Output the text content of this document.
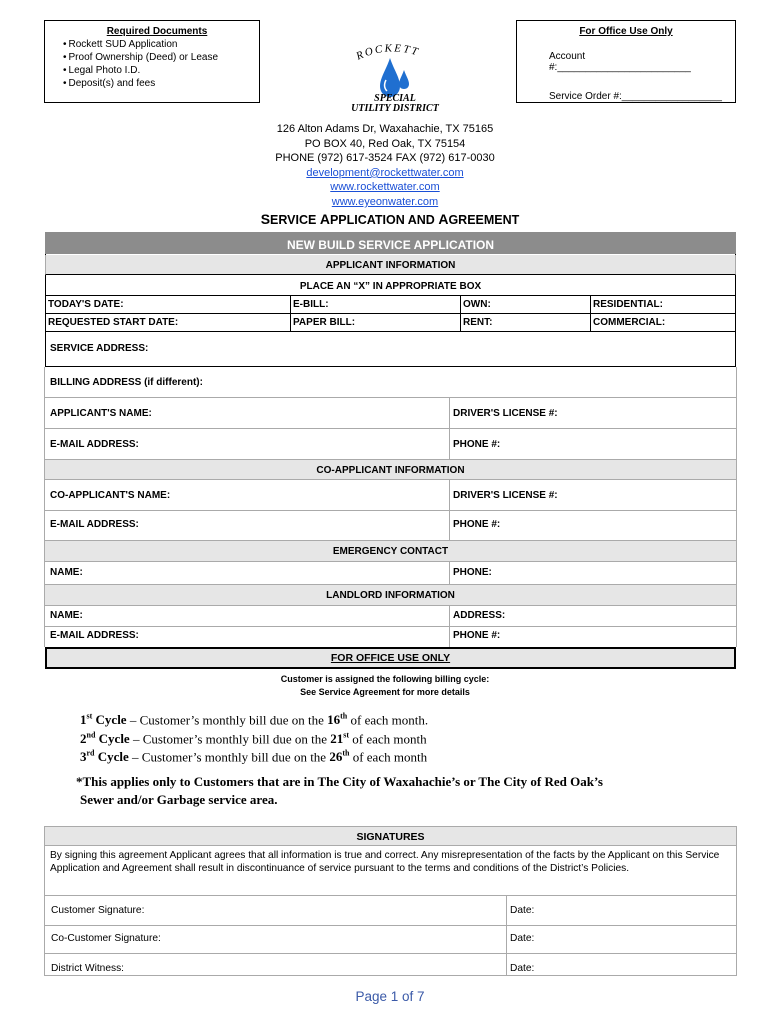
Required Documents
• Rockett SUD Application
• Proof Ownership (Deed) or Lease
• Legal Photo I.D.
• Deposit(s) and fees
For Office Use Only
Account #:________________________
Service Order #:__________________
ROCKETT
SPECIAL
UTILITY DISTRICT
126 Alton Adams Dr, Waxahachie, TX 75165
PO BOX 40, Red Oak, TX 75154
PHONE (972) 617-3524 FAX (972) 617-0030
development@rockettwater.com
www.rockettwater.com
www.eyeonwater.com
SERVICE APPLICATION AND AGREEMENT
NEW BUILD SERVICE APPLICATION
APPLICANT INFORMATION
PLACE AN “X” IN APPROPRIATE BOX
TODAY'S DATE:	E-BILL:	OWN:	RESIDENTIAL:
REQUESTED START DATE:	PAPER BILL:	RENT:	COMMERCIAL:
SERVICE ADDRESS:
BILLING ADDRESS (if different):
APPLICANT'S NAME:	DRIVER'S LICENSE #:
E-MAIL ADDRESS:	PHONE #:
CO-APPLICANT INFORMATION
CO-APPLICANT'S NAME:	DRIVER'S LICENSE #:
E-MAIL ADDRESS:	PHONE #:
EMERGENCY CONTACT
NAME:	PHONE:
LANDLORD INFORMATION
NAME:	ADDRESS:
E-MAIL ADDRESS:	PHONE #:
FOR OFFICE USE ONLY
Customer is assigned the following billing cycle:
See Service Agreement for more details
1st Cycle – Customer’s monthly bill due on the 16th of each month.
2nd Cycle – Customer’s monthly bill due on the 21st of each month
3rd Cycle – Customer’s monthly bill due on the 26th of each month
*This applies only to Customers that are in The City of Waxahachie’s or The City of Red Oak’s
Sewer and/or Garbage service area.
SIGNATURES
By signing this agreement Applicant agrees that all information is true and correct. Any misrepresentation of the facts by the Applicant on this Service Application and Agreement shall result in discontinuance of service pursuant to the terms and conditions of the District’s Policies.
Customer Signature:	Date:
Co-Customer Signature:	Date:
District Witness:	Date:
Page 1 of 7
